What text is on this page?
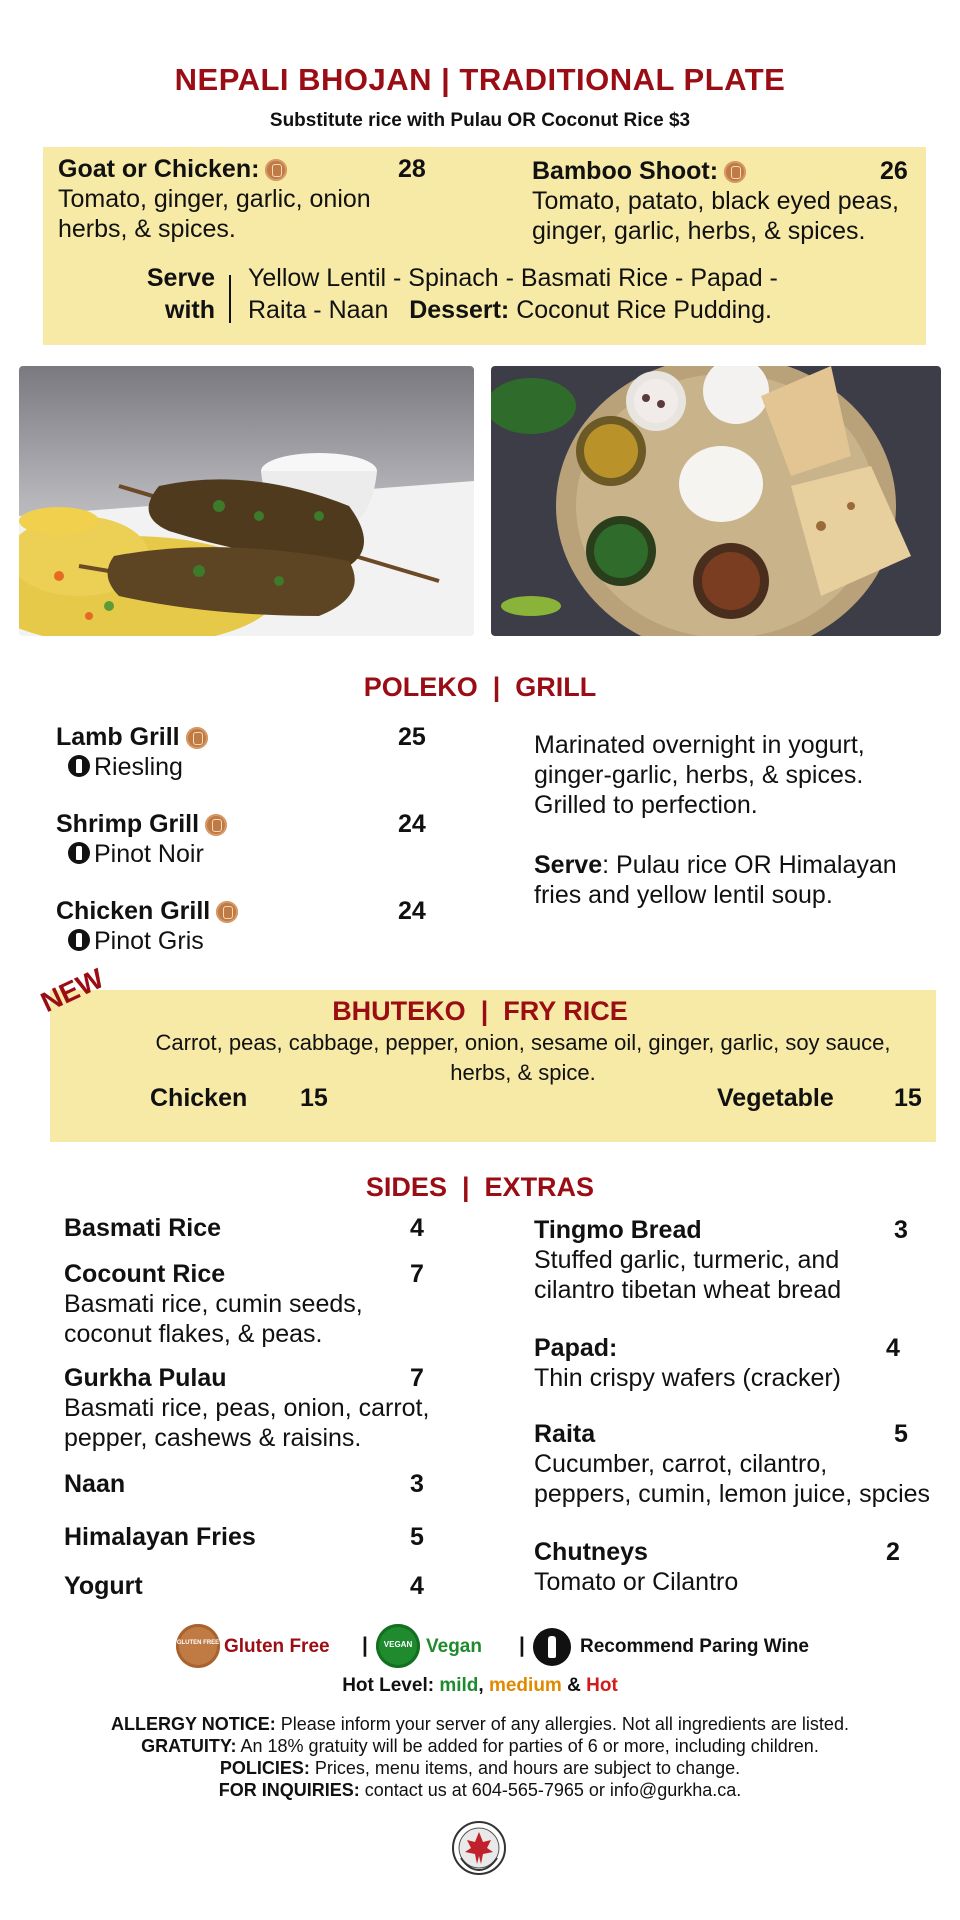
NEPALI BHOJAN | TRADITIONAL PLATE
Substitute rice with Pulau OR Coconut Rice $3
Goat or Chicken:	28
Tomato, ginger, garlic, onion
herbs, & spices.
Bamboo Shoot:	26
Tomato, patato, black eyed peas,
ginger, garlic, herbs, & spices.
Serve
with
Yellow Lentil - Spinach - Basmati Rice - Papad -
Raita - Naan Dessert: Coconut Rice Pudding.
POLEKO | GRILL
Lamb Grill	25
Riesling
Shrimp Grill	24
Pinot Noir
Chicken Grill	24
Pinot Gris
Marinated overnight in yogurt,
ginger-garlic, herbs, & spices.
Grilled to perfection.
Serve: Pulau rice OR Himalayan
fries and yellow lentil soup.
NEW	BHUTEKO | FRY RICE
Carrot, peas, cabbage, pepper, onion, sesame oil, ginger, garlic, soy sauce,
herbs, & spice.
Chicken 15	Vegetable 15
SIDES | EXTRAS
Basmati Rice	4
Cocount Rice	7
Basmati rice, cumin seeds,
coconut flakes, & peas.
Gurkha Pulau	7
Basmati rice, peas, onion, carrot,
pepper, cashews & raisins.
Naan	3
Himalayan Fries	5
Yogurt	4
Tingmo Bread	3
Stuffed garlic, turmeric, and
cilantro tibetan wheat bread
Papad:	4
Thin crispy wafers (cracker)
Raita	5
Cucumber, carrot, cilantro,
peppers, cumin, lemon juice, spcies
Chutneys	2
Tomato or Cilantro
GLUTEN FREE Gluten Free |	VEGAN Vegan |	Recommend Paring Wine
Hot Level: mild, medium & Hot
ALLERGY NOTICE: Please inform your server of any allergies. Not all ingredients are listed.
GRATUITY: An 18% gratuity will be added for parties of 6 or more, including children.
POLICIES: Prices, menu items, and hours are subject to change.
FOR INQUIRIES: contact us at 604-565-7965 or info@gurkha.ca.
